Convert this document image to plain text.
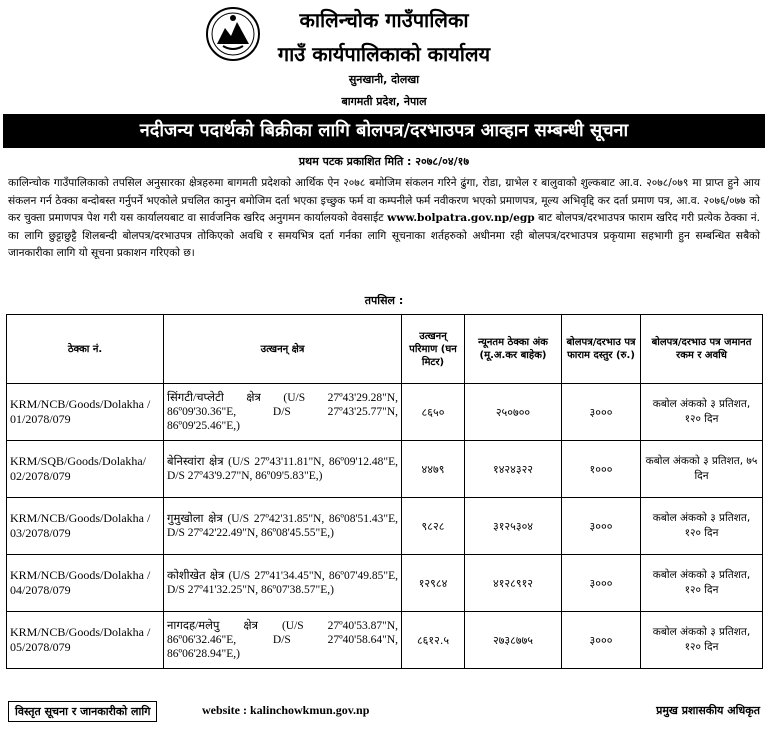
कालिन्चोक गाउँपालिका
गाउँ कार्यपालिकाको कार्यालय
सुनखानी, दोलखा
बागमती प्रदेश, नेपाल
नदीजन्य पदार्थको बिक्रीका लागि बोलपत्र/दरभाउपत्र आव्हान सम्बन्धी सूचना
प्रथम पटक प्रकाशित मिति : २०७८/०४/१७
कालिन्चोक गाउँपालिकाको तपसिल अनुसारका क्षेत्रहरुमा बागमती प्रदेशको आर्थिक ऐन २०७८ बमोजिम संकलन गरिने ढुंगा, रोडा, ग्राभेल र बालुवाको शुल्कबाट आ.व. २०७८/०७९ मा प्राप्त हुने आय संकलन गर्न ठेक्का बन्दोबस्त गर्नुपर्ने भएकोले प्रचलित कानुन बमोजिम दर्ता भएका इच्छुक फर्म वा कम्पनीले फर्म नवीकरण भएको प्रमाणपत्र, मूल्य अभिवृद्दि कर दर्ता प्रमाण पत्र, आ.व. २०७६/०७७ को कर चुक्ता प्रमाणपत्र पेश गरी यस कार्यालयबाट वा सार्वजनिक खरिद अनुगमन कार्यालयको वेवसाईट www.bolpatra.gov.np/egp बाट बोलपत्र/दरभाउपत्र फाराम खरिद गरी प्रत्येक ठेक्का नं. का लागि छुट्टाछुट्टै शिलबन्दी बोलपत्र/दरभाउपत्र तोकिएको अवधि र समयभित्र दर्ता गर्नका लागि सूचनाका शर्तहरुको अधीनमा रही बोलपत्र/दरभाउपत्र प्रकृयामा सहभागी हुन सम्बन्धित सबैको जानकारीका लागि यो सूचना प्रकाशन गरिएको छ।
तपसिल :
ठेक्का नं.	उत्खनन् क्षेत्र	उत्खनन् परिमाण (घन मिटर)	न्यूनतम ठेक्का अंक (मू.अ.कर बाहेक)	बोलपत्र/दरभाउ पत्र फाराम दस्तुर (रु.)	बोलपत्र/दरभाउ पत्र जमानत रकम र अवधि
KRM/NCB/Goods/Dolakha / 01/2078/079	सिंगटी/चप्लेटी क्षेत्र (U/S 27º43'29.28"N, 86º09'30.36"E, D/S 27º43'25.77"N, 86º09'25.46"E,)	८६५०	२५०७००	३०००	कबोल अंकको ३ प्रतिशत, १२० दिन
KRM/SQB/Goods/Dolakha/ 02/2078/079	बेनिस्वांरा क्षेत्र (U/S 27º43'11.81"N, 86º09'12.48"E, D/S 27º43'9.27"N, 86º09'5.83"E,)	४४७९	१४२४३२२	१०००	कबोल अंकको ३ प्रतिशत, ७५ दिन
KRM/NCB/Goods/Dolakha / 03/2078/079	गुमुखोला क्षेत्र (U/S 27º42'31.85"N, 86º08'51.43"E, D/S 27º42'22.49"N, 86º08'45.55"E,)	९८२८	३१२५३०४	३०००	कबोल अंकको ३ प्रतिशत, १२० दिन
KRM/NCB/Goods/Dolakha / 04/2078/079	कोशीखेत क्षेत्र (U/S 27º41'34.45"N, 86º07'49.85"E, D/S 27º41'32.25"N, 86º07'38.57"E,)	१२९८४	४१२८९१२	३०००	कबोल अंकको ३ प्रतिशत, १२० दिन
KRM/NCB/Goods/Dolakha / 05/2078/079	नागदह/मलेपु क्षेत्र (U/S 27º40'53.87"N, 86º06'32.46"E, D/S 27º40'58.64"N, 86º06'28.94"E,)	८६१२.५	२७३८७७५	३०००	कबोल अंकको ३ प्रतिशत, १२० दिन
विस्तृत सूचना र जानकारीको लागि	website : kalinchowkmun.gov.np	प्रमुख प्रशासकीय अधिकृत
